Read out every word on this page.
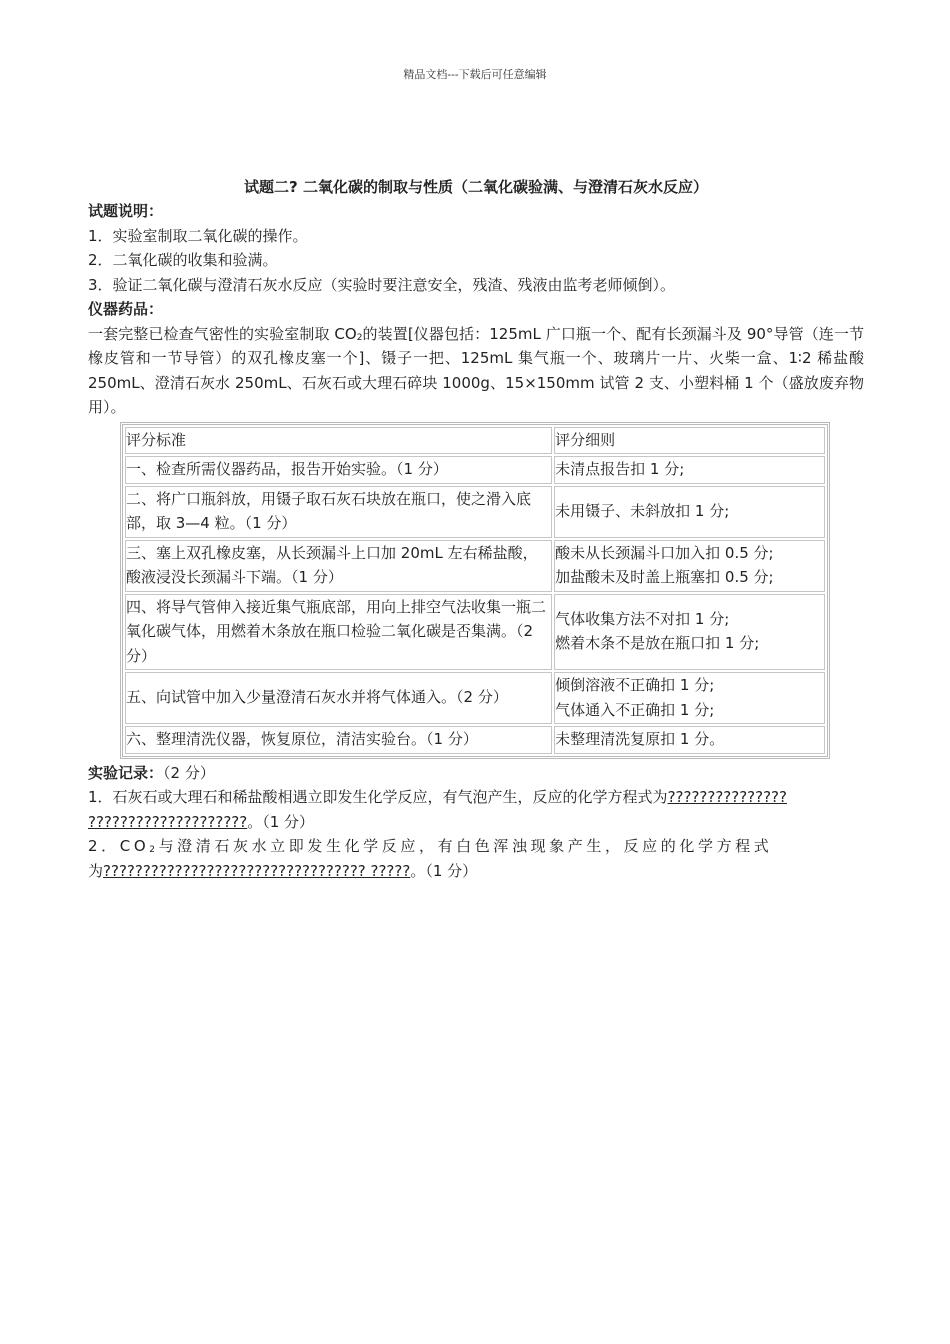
精品文档---下载后可任意编辑

试题二? 二氧化碳的制取与性质（二氧化碳验满、与澄清石灰水反应）

试题说明：

1．实验室制取二氧化碳的操作。

2．二氧化碳的收集和验满。

3．验证二氧化碳与澄清石灰水反应（实验时要注意安全，残渣、残液由监考老师倾倒）。

仪器药品：

一套完整已检查气密性的实验室制取 $CO_2$的装置[仪器包括：125mL 广口瓶一个、配有长颈漏斗及 90°导管（连一节橡皮管和一节导管）的双孔橡皮塞一个]、镊子一把、125mL 集气瓶一个、玻璃片一片、火柴一盒、1∶2 稀盐酸 250mL、澄清石灰水 250mL、石灰石或大理石碎块 1000g、15×150mm 试管 2 支、小塑料桶 1 个（盛放废弃物用）。

评分标准	评分细则
一、检查所需仪器药品，报告开始实验。（1 分）	未清点报告扣 1 分;

二、将广口瓶斜放，用镊子取石灰石块放在瓶口，使之滑入底部，取 3—4 粒。（1 分）	未用镊子、未斜放扣 1 分;

三、塞上双孔橡皮塞，从长颈漏斗上口加 20mL 左右稀盐酸，酸液浸没长颈漏斗下端。（1 分）	酸未从长颈漏斗口加入扣 0.5 分;
加盐酸未及时盖上瓶塞扣 0.5 分;

四、将导气管伸入接近集气瓶底部，用向上排空气法收集一瓶二氧化碳气体，用燃着木条放在瓶口检验二氧化碳是否集满。（2 分）	气体收集方法不对扣 1 分;
燃着木条不是放在瓶口扣 1 分;

五、向试管中加入少量澄清石灰水并将气体通入。（2 分）	倾倒溶液不正确扣 1 分;
气体通入不正确扣 1 分;

六、整理清洗仪器，恢复原位，清洁实验台。（1 分）	未整理清洗复原扣 1 分。

实验记录：（2 分）

1．石灰石或大理石和稀盐酸相遇立即发生化学反应，有气泡产生，反应的化学方程式为???????????????
????????????????????。（1 分）

2．$CO_2$与澄清石灰水立即发生化学反应，有白色浑浊现象产生，反应的化学方程式
为????????????????????????????????? ?????。（1 分）
